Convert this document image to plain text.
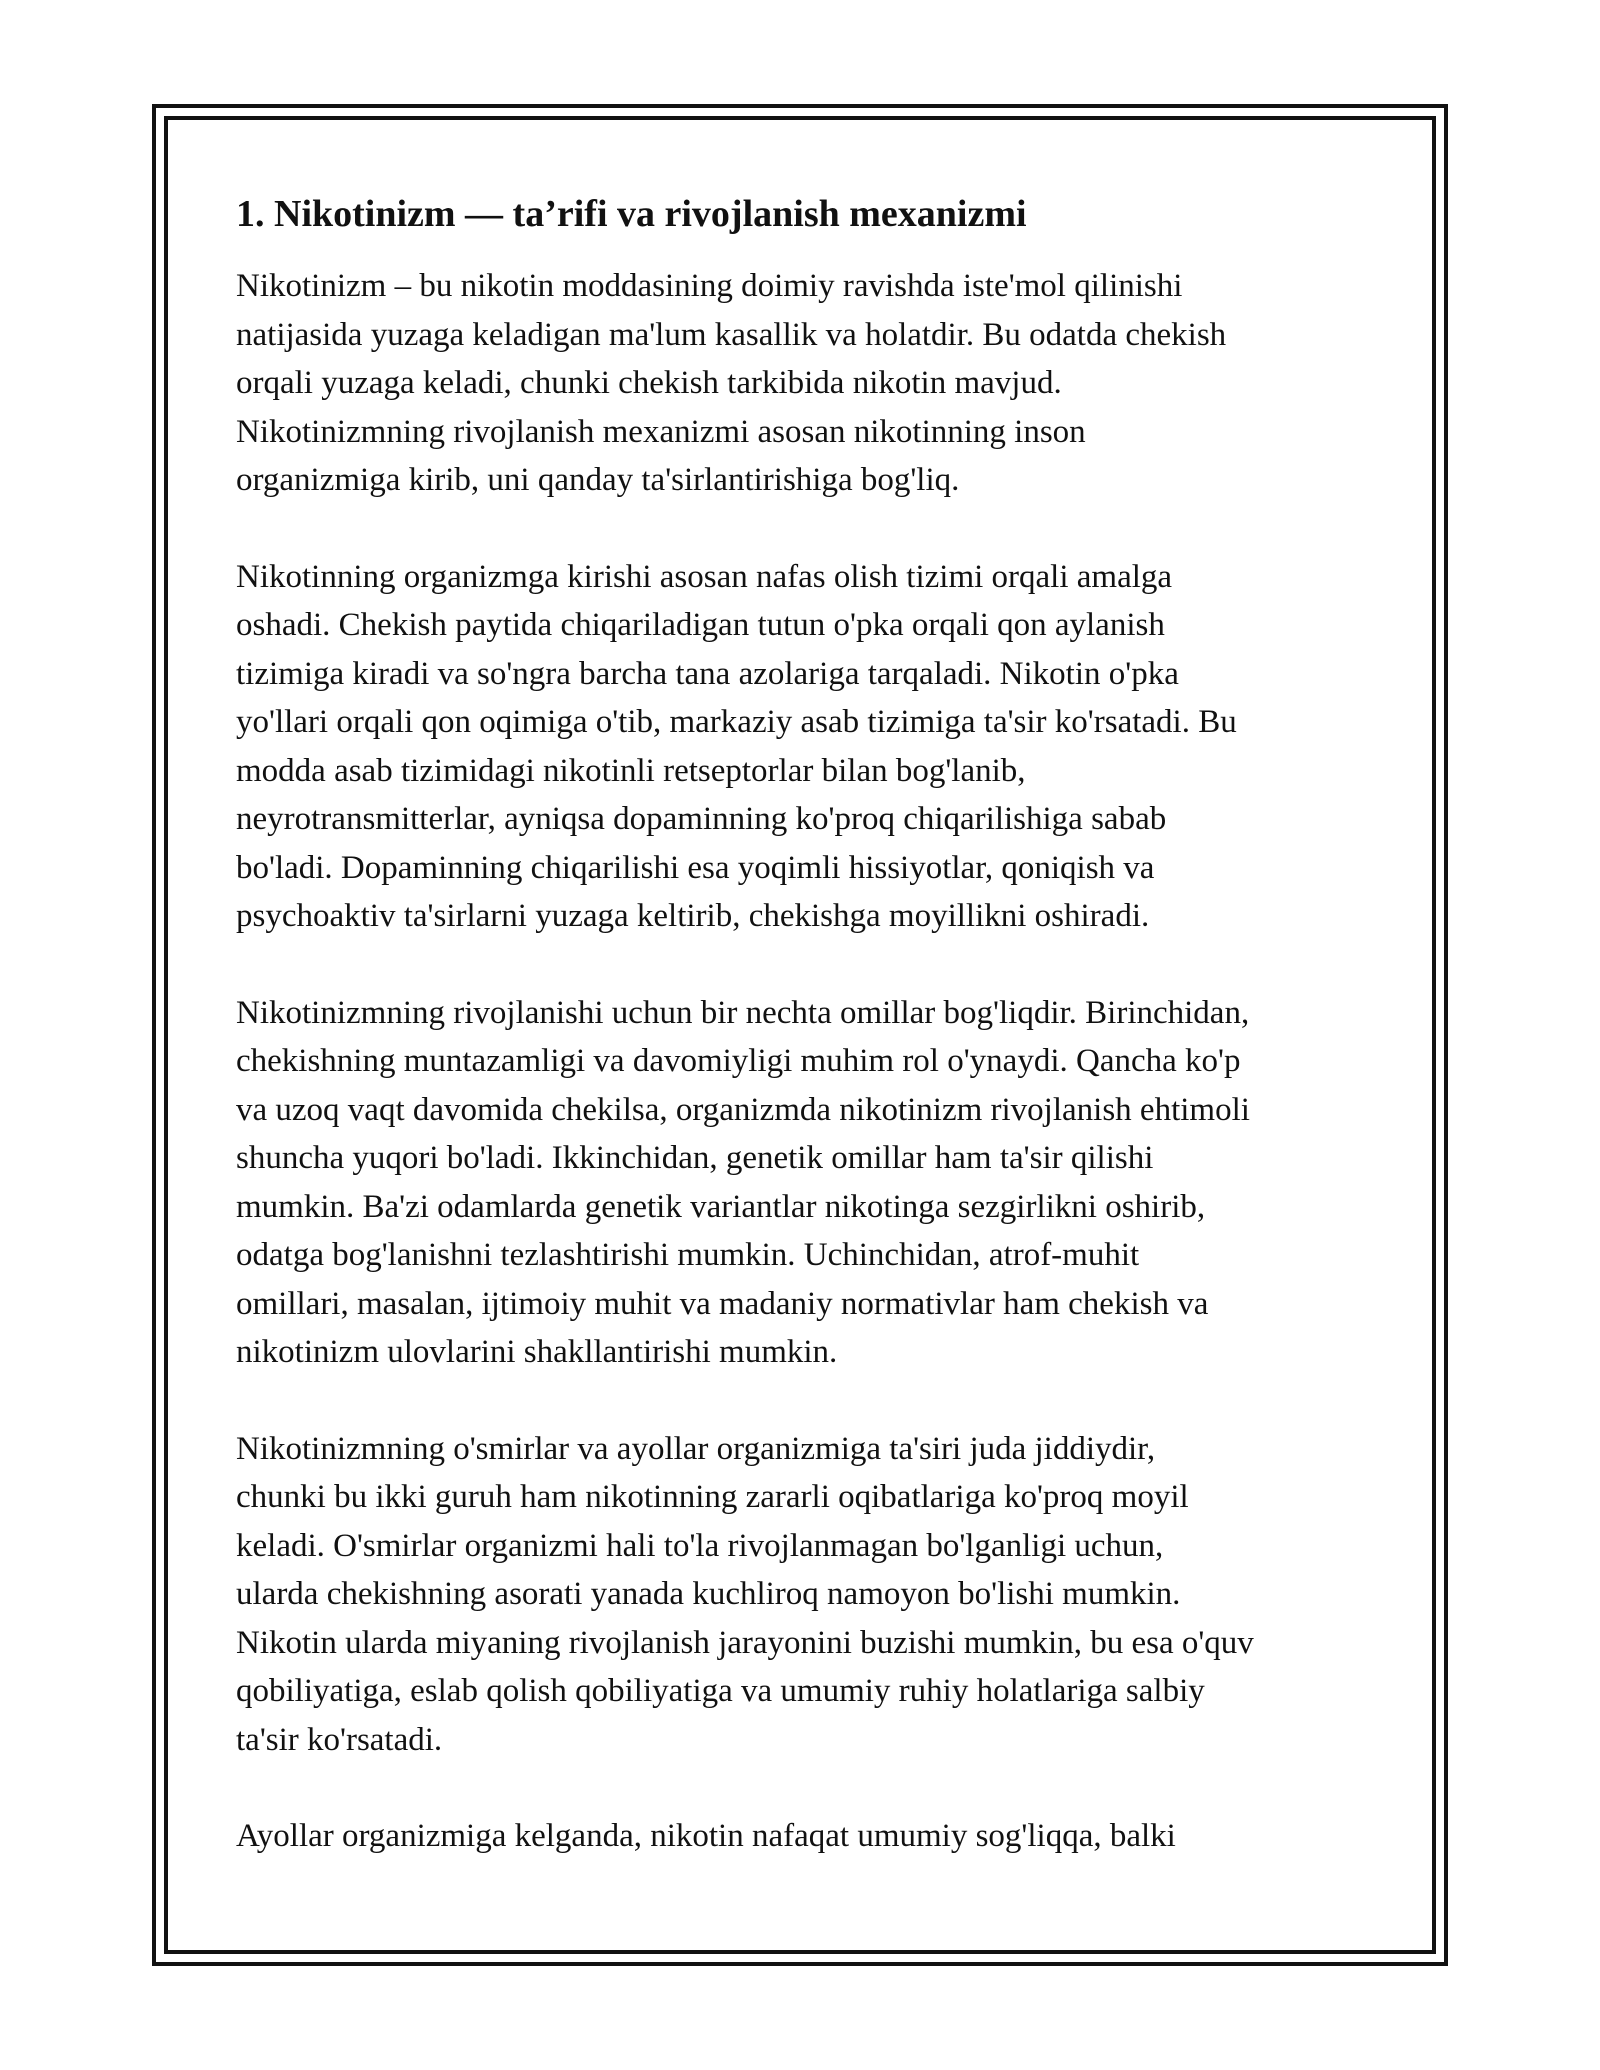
1. Nikotinizm — ta’rifi va rivojlanish mexanizmi
Nikotinizm – bu nikotin moddasining doimiy ravishda iste'mol qilinishi
natijasida yuzaga keladigan ma'lum kasallik va holatdir. Bu odatda chekish
orqali yuzaga keladi, chunki chekish tarkibida nikotin mavjud.
Nikotinizmning rivojlanish mexanizmi asosan nikotinning inson
organizmiga kirib, uni qanday ta'sirlantirishiga bog'liq.
Nikotinning organizmga kirishi asosan nafas olish tizimi orqali amalga
oshadi. Chekish paytida chiqariladigan tutun o'pka orqali qon aylanish
tizimiga kiradi va so'ngra barcha tana azolariga tarqaladi. Nikotin o'pka
yo'llari orqali qon oqimiga o'tib, markaziy asab tizimiga ta'sir ko'rsatadi. Bu
modda asab tizimidagi nikotinli retseptorlar bilan bog'lanib,
neyrotransmitterlar, ayniqsa dopaminning ko'proq chiqarilishiga sabab
bo'ladi. Dopaminning chiqarilishi esa yoqimli hissiyotlar, qoniqish va
psychoaktiv ta'sirlarni yuzaga keltirib, chekishga moyillikni oshiradi.
Nikotinizmning rivojlanishi uchun bir nechta omillar bog'liqdir. Birinchidan,
chekishning muntazamligi va davomiyligi muhim rol o'ynaydi. Qancha ko'p
va uzoq vaqt davomida chekilsa, organizmda nikotinizm rivojlanish ehtimoli
shuncha yuqori bo'ladi. Ikkinchidan, genetik omillar ham ta'sir qilishi
mumkin. Ba'zi odamlarda genetik variantlar nikotinga sezgirlikni oshirib,
odatga bog'lanishni tezlashtirishi mumkin. Uchinchidan, atrof-muhit
omillari, masalan, ijtimoiy muhit va madaniy normativlar ham chekish va
nikotinizm ulovlarini shakllantirishi mumkin.
Nikotinizmning o'smirlar va ayollar organizmiga ta'siri juda jiddiydir,
chunki bu ikki guruh ham nikotinning zararli oqibatlariga ko'proq moyil
keladi. O'smirlar organizmi hali to'la rivojlanmagan bo'lganligi uchun,
ularda chekishning asorati yanada kuchliroq namoyon bo'lishi mumkin.
Nikotin ularda miyaning rivojlanish jarayonini buzishi mumkin, bu esa o'quv
qobiliyatiga, eslab qolish qobiliyatiga va umumiy ruhiy holatlariga salbiy
ta'sir ko'rsatadi.
Ayollar organizmiga kelganda, nikotin nafaqat umumiy sog'liqqa, balki
